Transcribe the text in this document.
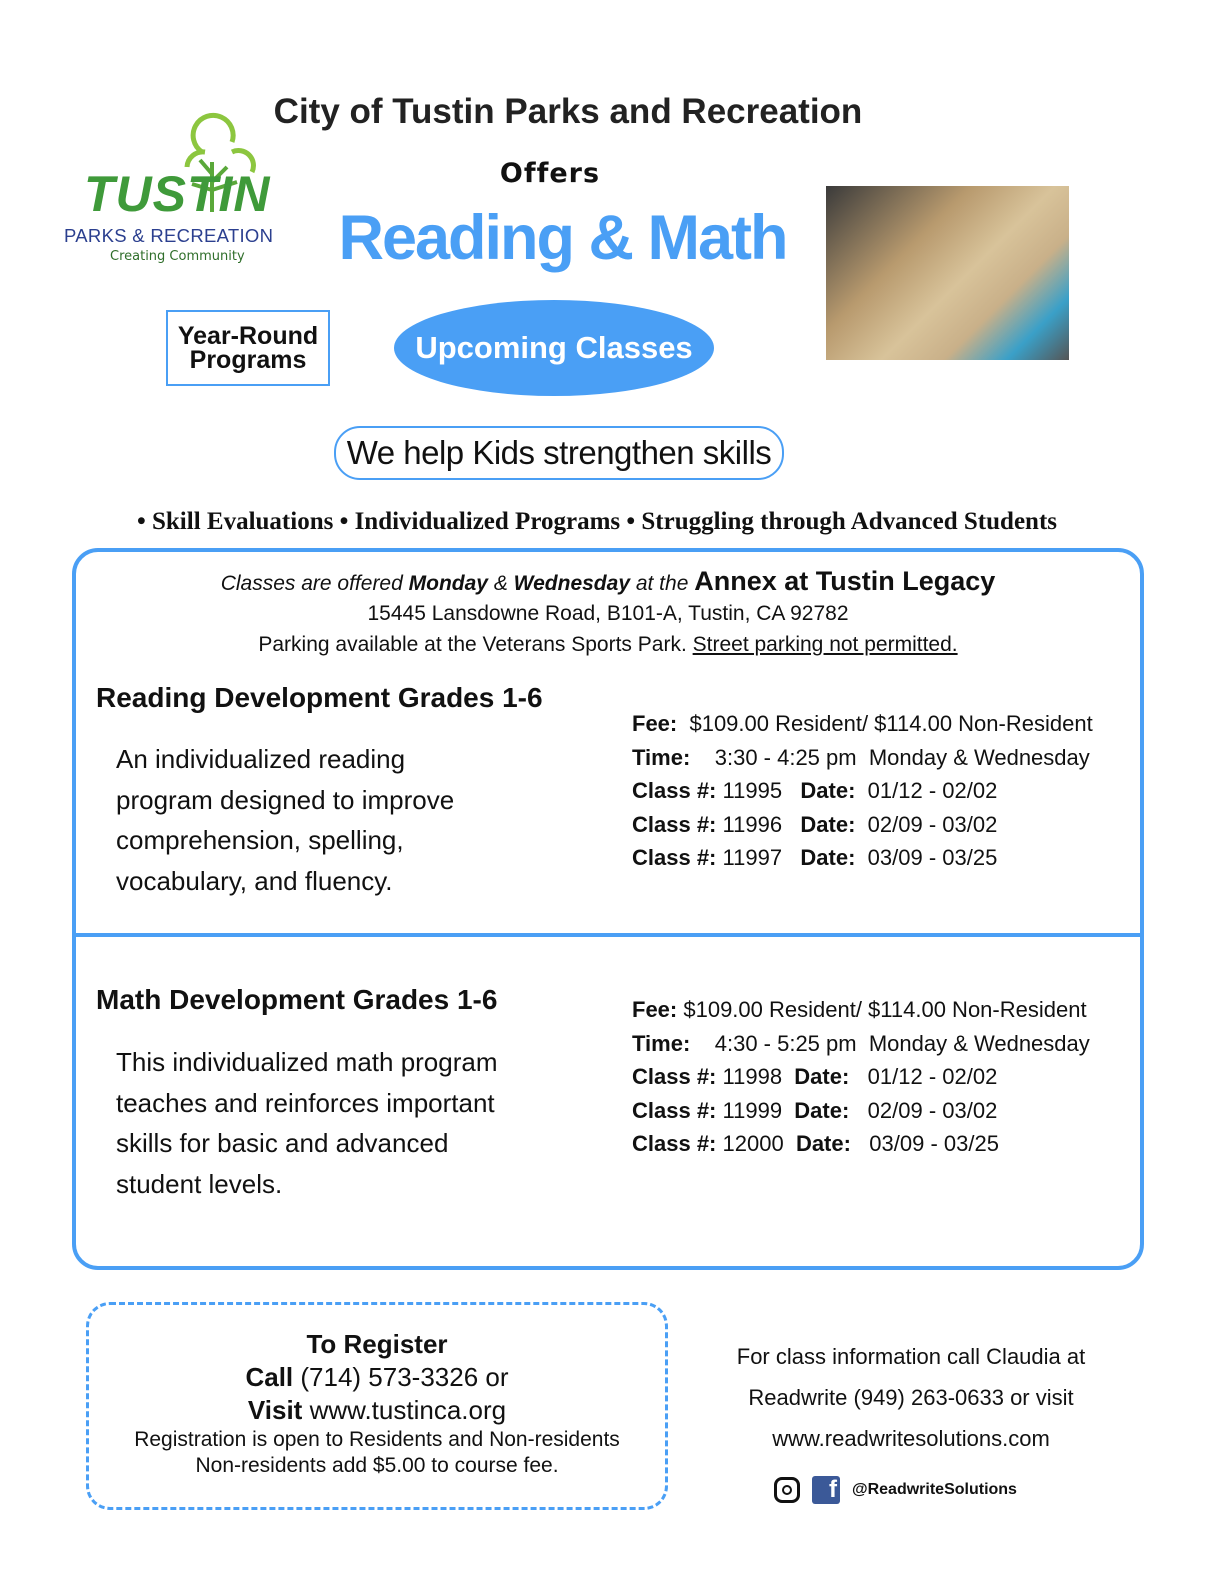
City of Tustin Parks and Recreation
Offers
Reading & Math
TUSTIN
PARKS & RECREATION
Creating Community
Year-Round Programs	Upcoming Classes
We help Kids strengthen skills
• Skill Evaluations • Individualized Programs • Struggling through Advanced Students
Classes are offered Monday & Wednesday at the Annex at Tustin Legacy
15445 Lansdowne Road, B101-A, Tustin, CA 92782
Parking available at the Veterans Sports Park. Street parking not permitted.
Reading Development Grades 1-6
An individualized reading
program designed to improve
comprehension, spelling,
vocabulary, and fluency.
Fee:  $109.00 Resident/ $114.00 Non-Resident
Time:    3:30 - 4:25 pm  Monday & Wednesday
Class #: 11995 Date: 01/12 - 02/02
Class #: 11996 Date: 02/09 - 03/02
Class #: 11997 Date: 03/09 - 03/25
Math Development Grades 1-6
This individualized math program
teaches and reinforces important
skills for basic and advanced
student levels.
Fee: $109.00 Resident/ $114.00 Non-Resident
Time:    4:30 - 5:25 pm  Monday & Wednesday
Class #: 11998 Date: 01/12 - 02/02
Class #: 11999 Date: 02/09 - 03/02
Class #: 12000 Date: 03/09 - 03/25
To Register
Call (714) 573-3326 or
Visit www.tustinca.org
Registration is open to Residents and Non-residents
Non-residents add $5.00 to course fee.
For class information call Claudia at
Readwrite (949) 263-0633 or visit
www.readwritesolutions.com
f @ReadwriteSolutions
